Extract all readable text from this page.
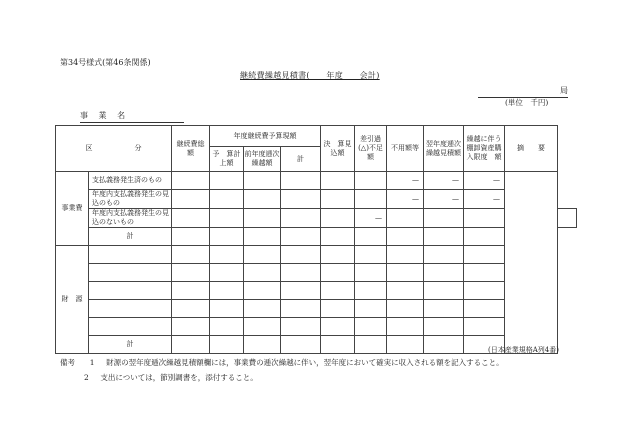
第34号様式(第46条関係)
継続費繰越見積書(　　年度　　会計)
局
(単位　千円)
事 業 名
区　　　　　　分		継続費総　額	年度継続費予算現額			決　算見込額	差引過(△)不足額	不用額等	翌年度逓次繰越見積額	繰越に伴う棚卸資産購入限度　額	摘　　要	
			予　算計上額	前年度逓次繰越額	計							
事業費	支払義務発生済のもの							—	—	—		
	年度内支払義務発生の見込のもの							—	—	—		
	年度内支払義務発生の見込のないもの						—					
	計											
財　源												

	計											
(日本産業規格A列4番)
備考 1 財源の翌年度逓次繰越見積額欄には，事業費の逓次繰越に伴い，翌年度において確実に収入される額を記入すること。
2 支出については，節別調書を，添付すること。
